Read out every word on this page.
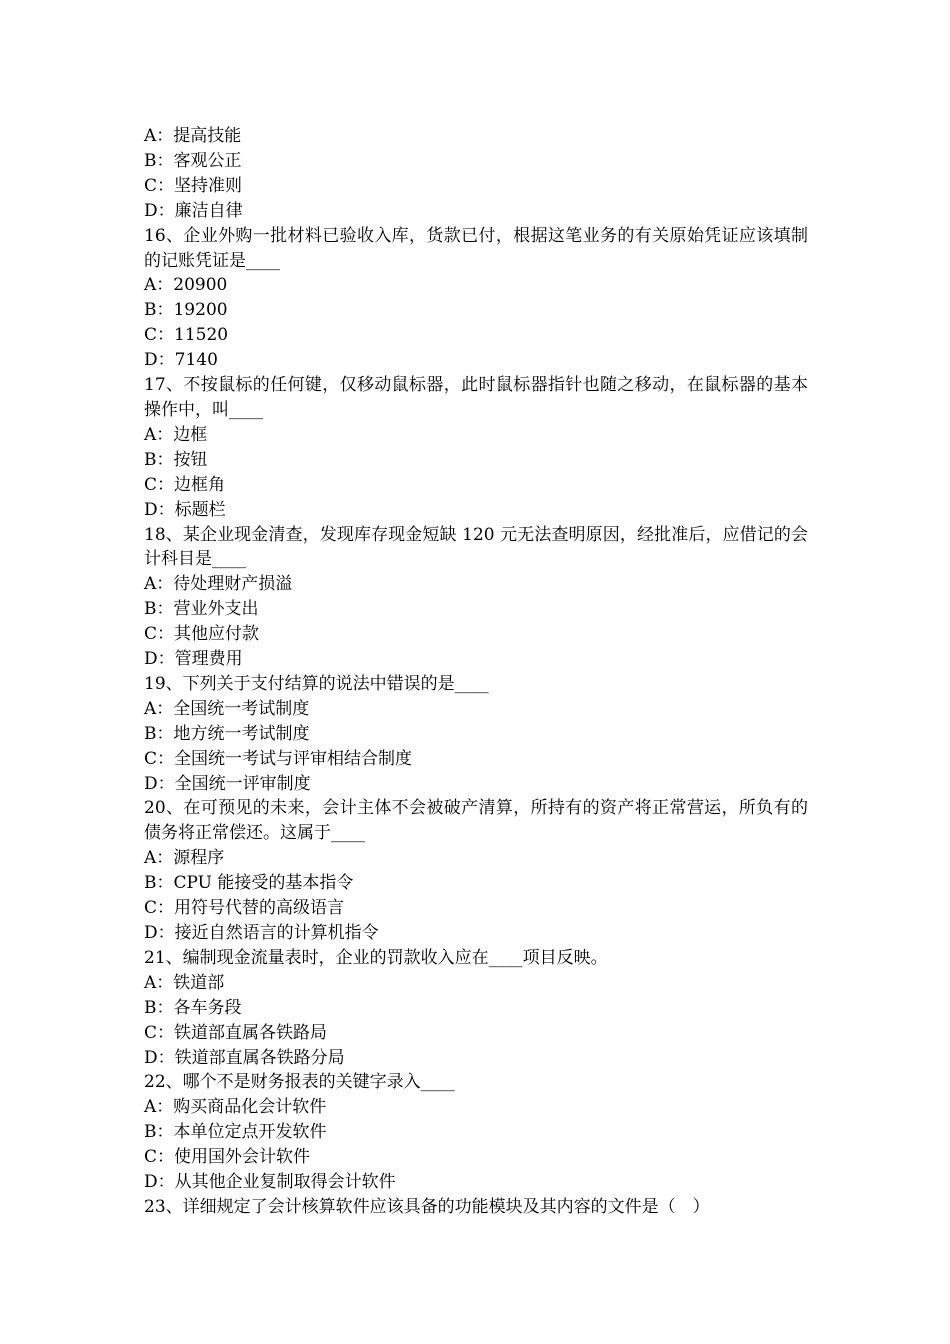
A：提高技能

B：客观公正

C：坚持准则

D：廉洁自律

16、企业外购一批材料已验收入库，货款已付，根据这笔业务的有关原始凭证应该填制的记账凭证是____

A：20900

B：19200

C：11520

D：7140

17、不按鼠标的任何键，仅移动鼠标器，此时鼠标器指针也随之移动，在鼠标器的基本操作中，叫____

A：边框

B：按钮

C：边框角

D：标题栏

18、某企业现金清查，发现库存现金短缺 120 元无法查明原因，经批准后，应借记的会计科目是____

A：待处理财产损溢

B：营业外支出

C：其他应付款

D：管理费用

19、下列关于支付结算的说法中错误的是____

A：全国统一考试制度

B：地方统一考试制度

C：全国统一考试与评审相结合制度

D：全国统一评审制度

20、在可预见的未来，会计主体不会被破产清算，所持有的资产将正常营运，所负有的债务将正常偿还。这属于____

A：源程序

B：CPU 能接受的基本指令

C：用符号代替的高级语言

D：接近自然语言的计算机指令

21、编制现金流量表时，企业的罚款收入应在____项目反映。

A：铁道部

B：各车务段

C：铁道部直属各铁路局

D：铁道部直属各铁路分局

22、哪个不是财务报表的关键字录入____

A：购买商品化会计软件

B：本单位定点开发软件

C：使用国外会计软件

D：从其他企业复制取得会计软件

23、详细规定了会计核算软件应该具备的功能模块及其内容的文件是（　）
